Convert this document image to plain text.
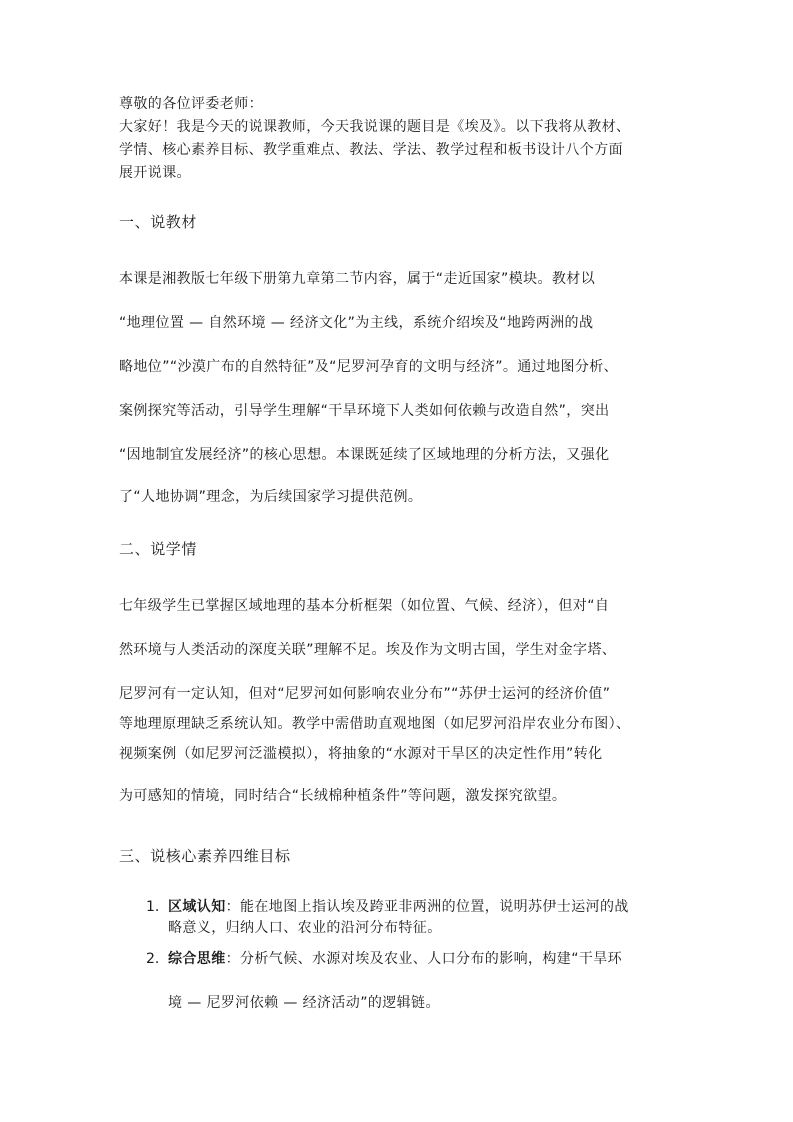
尊敬的各位评委老师：
大家好！我是今天的说课教师，今天我说课的题目是《埃及》。以下我将从教材、
学情、核心素养目标、教学重难点、教法、学法、教学过程和板书设计八个方面
展开说课。
一、说教材
本课是湘教版七年级下册第九章第二节内容，属于“走近国家”模块。教材以
“地理位置 — 自然环境 — 经济文化”为主线，系统介绍埃及“地跨两洲的战
略地位”“沙漠广布的自然特征”及“尼罗河孕育的文明与经济”。通过地图分析、
案例探究等活动，引导学生理解“干旱环境下人类如何依赖与改造自然”，突出
“因地制宜发展经济”的核心思想。本课既延续了区域地理的分析方法，又强化
了“人地协调”理念，为后续国家学习提供范例。
二、说学情
七年级学生已掌握区域地理的基本分析框架（如位置、气候、经济），但对“自
然环境与人类活动的深度关联”理解不足。埃及作为文明古国，学生对金字塔、
尼罗河有一定认知，但对“尼罗河如何影响农业分布”“苏伊士运河的经济价值”
等地理原理缺乏系统认知。教学中需借助直观地图（如尼罗河沿岸农业分布图）、
视频案例（如尼罗河泛滥模拟），将抽象的“水源对干旱区的决定性作用”转化
为可感知的情境，同时结合“长绒棉种植条件”等问题，激发探究欲望。
三、说核心素养四维目标
1. 区域认知：能在地图上指认埃及跨亚非两洲的位置，说明苏伊士运河的战
略意义，归纳人口、农业的沿河分布特征。
2. 综合思维：分析气候、水源对埃及农业、人口分布的影响，构建“干旱环
境 — 尼罗河依赖 — 经济活动”的逻辑链。
